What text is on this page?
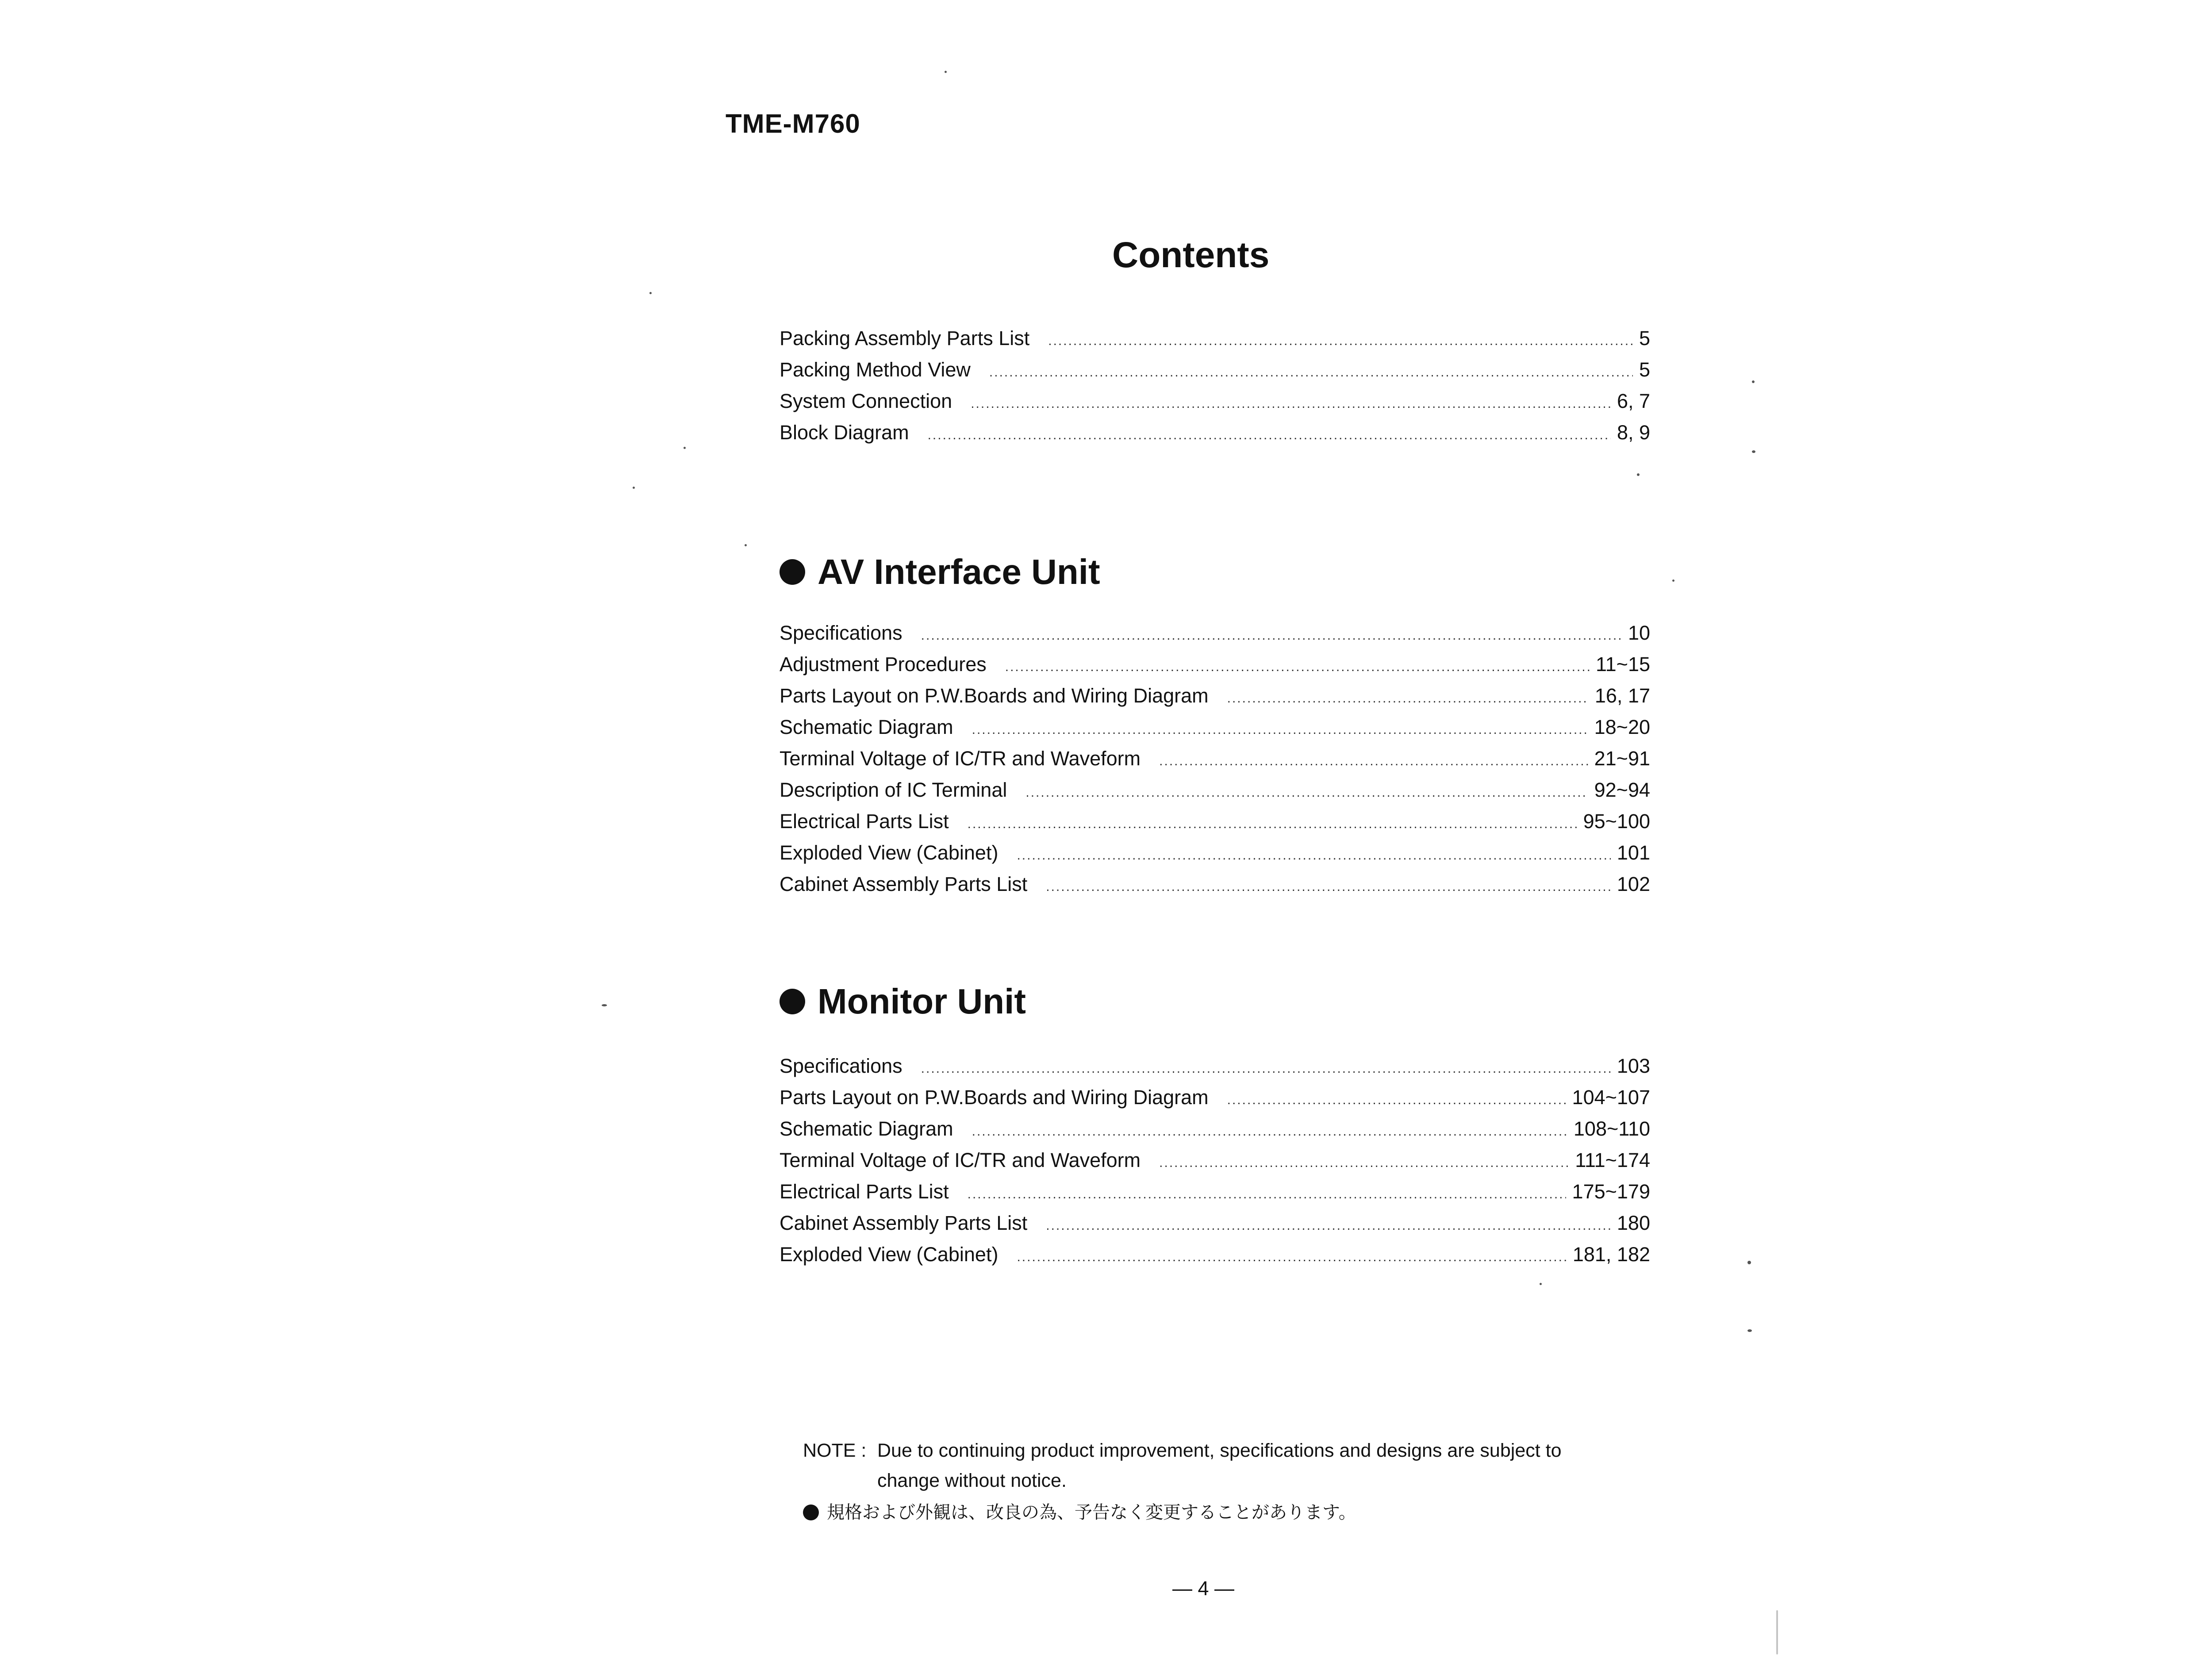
TME-M760
Contents
Packing Assembly Parts List .....	5
Packing Method View .....	5
System Connection .....	6, 7
Block Diagram .....	8, 9
AV Interface Unit
Specifications .....	10
Adjustment Procedures .....	11~15
Parts Layout on P.W.Boards and Wiring Diagram .....	16, 17
Schematic Diagram .....	18~20
Terminal Voltage of IC/TR and Waveform .....	21~91
Description of IC Terminal .....	92~94
Electrical Parts List .....	95~100
Exploded View (Cabinet) .....	101
Cabinet Assembly Parts List .....	102
Monitor Unit
Specifications .....	103
Parts Layout on P.W.Boards and Wiring Diagram .....	104~107
Schematic Diagram .....	108~110
Terminal Voltage of IC/TR and Waveform .....	111~174
Electrical Parts List .....	175~179
Cabinet Assembly Parts List .....	180
Exploded View (Cabinet) .....	181, 182
NOTE : Due to continuing product improvement, specifications and designs are subject to
change without notice.
規格および外観は、改良の為、予告なく変更することがあります。
— 4 —
